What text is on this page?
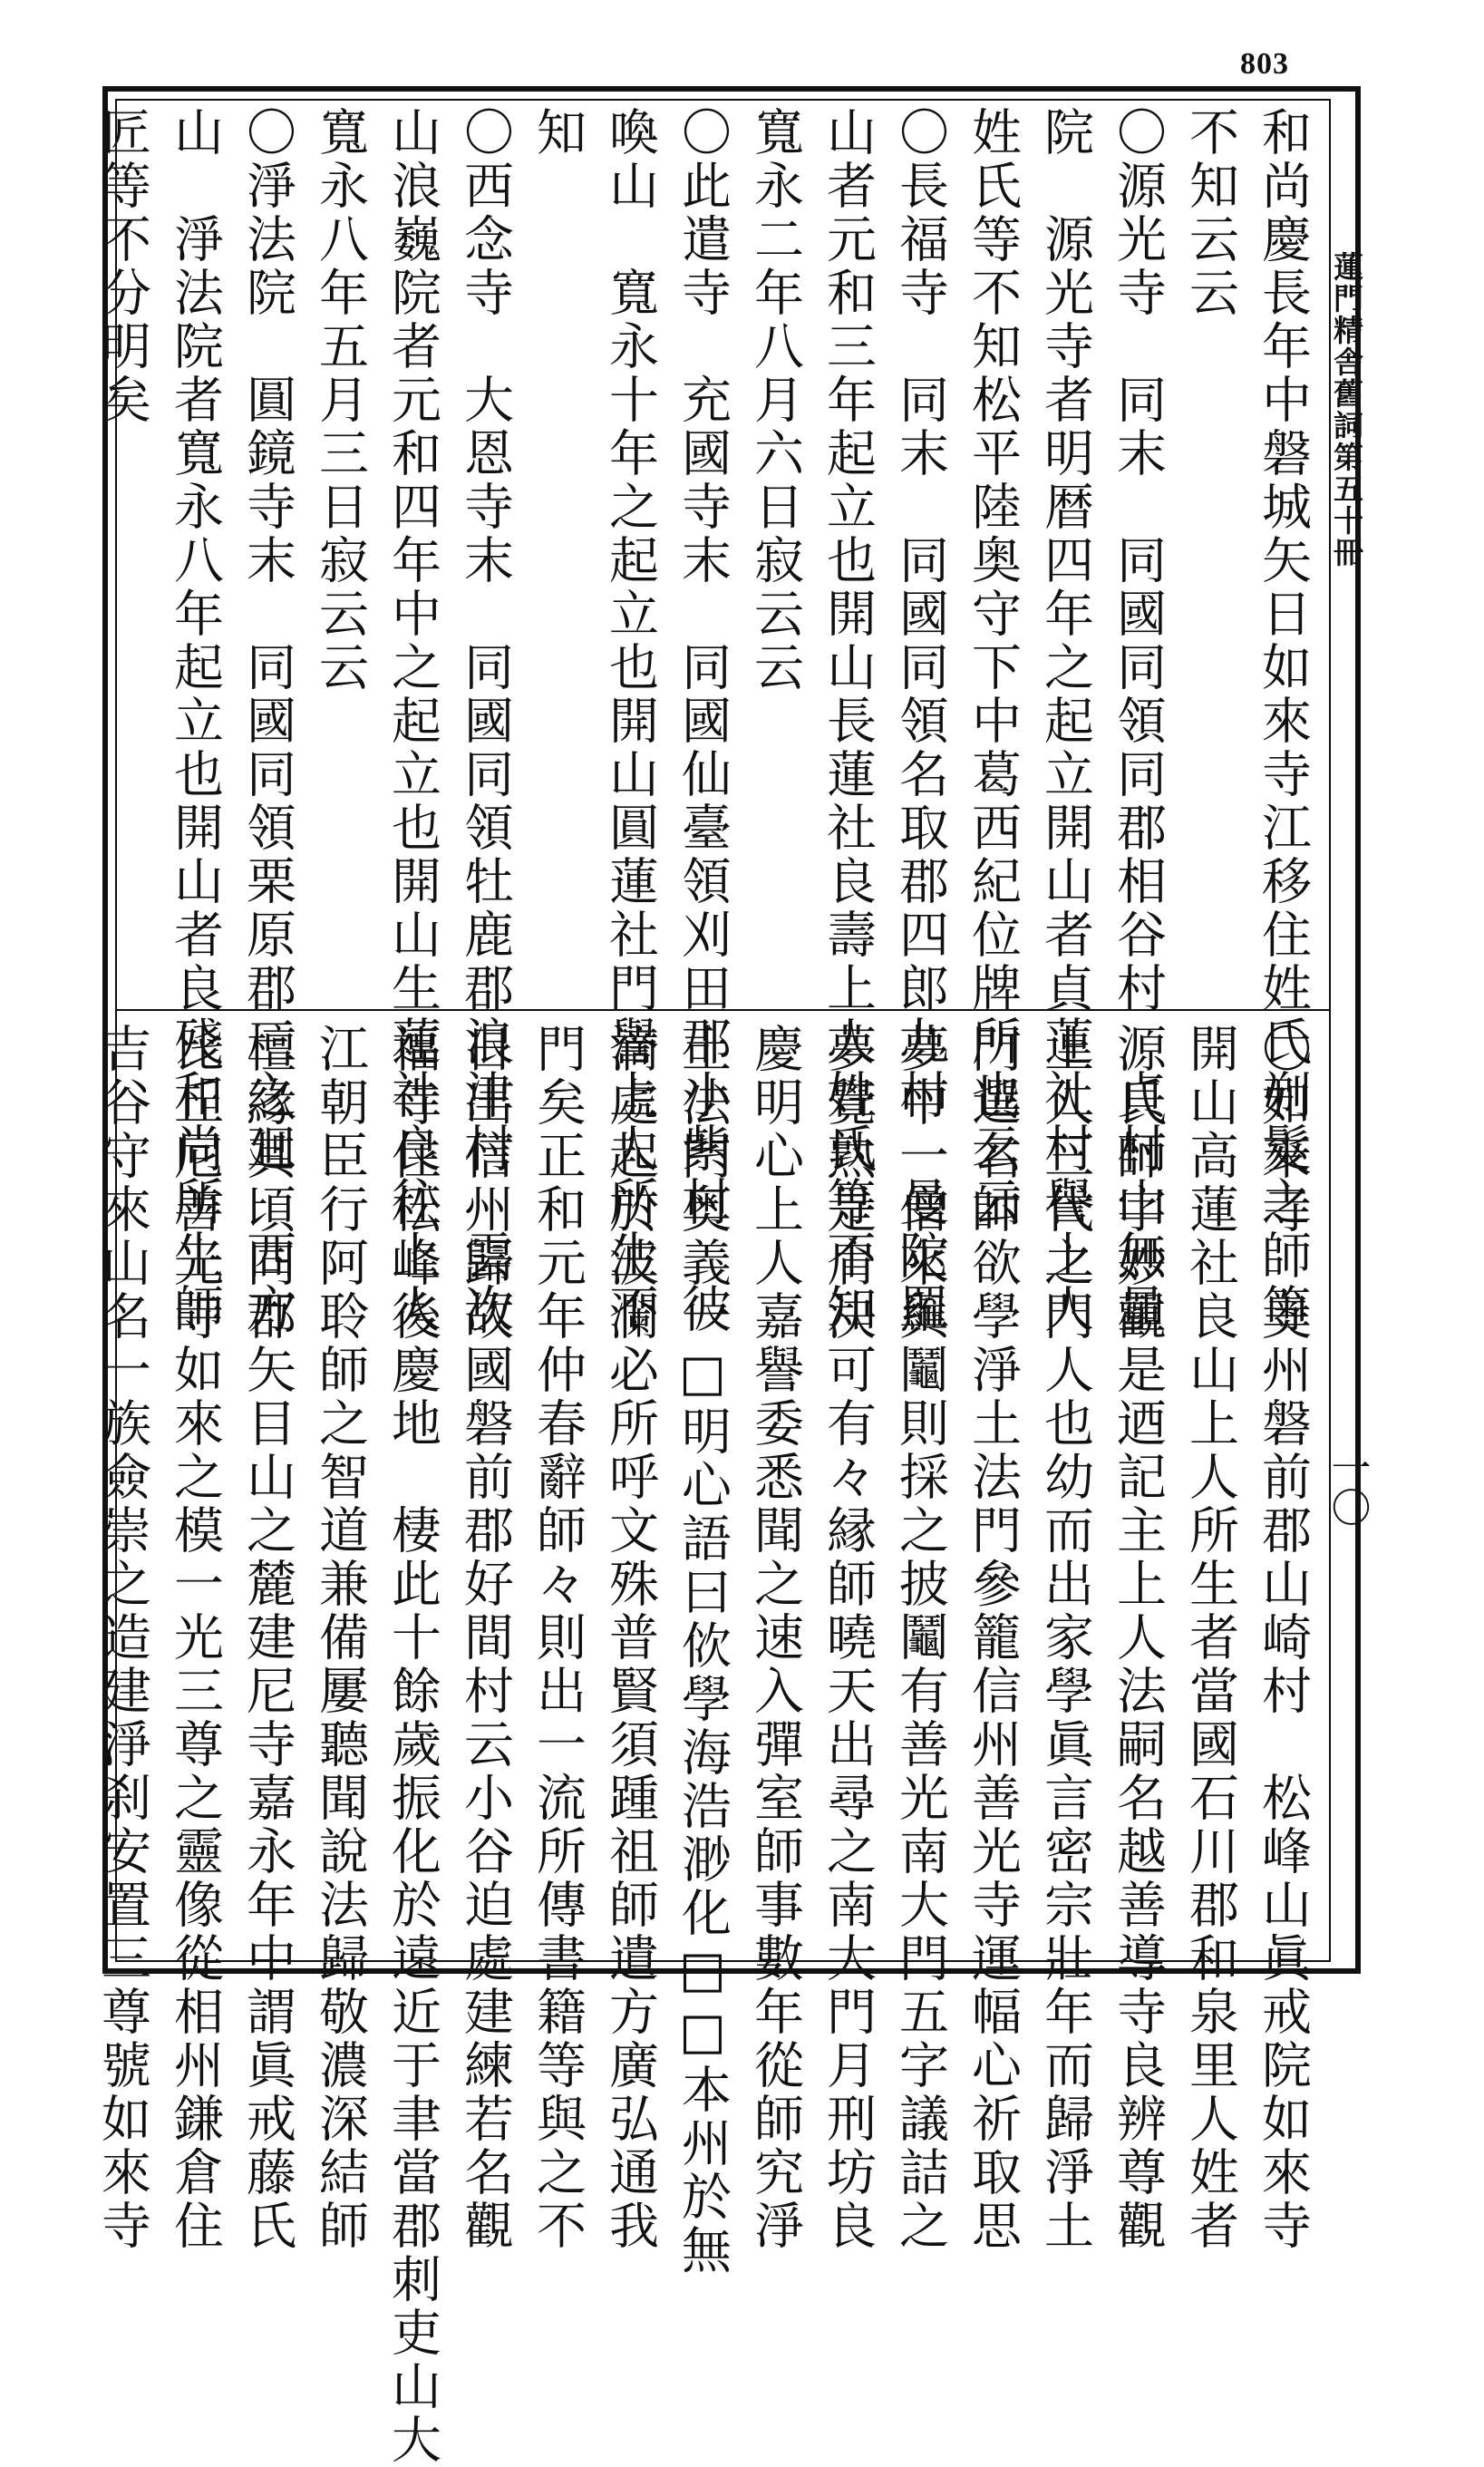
803
蓮門精舎舊詞第五十冊
一〇
和尚慶長年中磐城矢日如來寺江移住姓氏剃髮之師等
不知云云
〇源光寺　同末　同國同領同郡相谷村　貞村山無量
院　源光寺者明暦四年之起立開山者貞蓮社村譽上人
姓氏等不知松平陸奥守下中葛西紀位牌所也云云
〇長福寺　同末　同國同領名取郡四郎九村　曼陀羅
山者元和三年起立也開山長蓮社良壽上人姓氏等不知
寬永二年八月六日寂云云
〇此遣寺　充國寺末　同國仙臺領刈田郡小紫村　彼
喚山　寬永十年之起立也開山圓蓮社門譽上人所生不
知
〇西念寺　大恩寺末　同國同領牡鹿郡浪津村　雲次
山浪巍院者元和四年中之起立也開山生蓮社良往上人
寬永八年五月三日寂云云
〇淨法院　圓鏡寺末　同國同領栗原郡三之廻　西方
山　淨法院者寬永八年起立也開山者良殘和尚所生師
匠等不分明矣
〇如來寺　奥州磐前郡山崎村　松峰山眞戒院如來寺
開山高蓮社良山上人所生者當國石川郡和泉里人姓者
源氏師字妙觀是迺記主上人法嗣名越善導寺良辨尊觀
上人三代之門人也幼而出家學眞言密宗壯年而歸淨土
門選名師欲學淨土法門參籠信州善光寺運幅心祈取思
夢中一僧來與鬮則採之披鬮有善光南大門五字議詰之
夢覺熟是肩決可有々縁師曉天出尋之南大門月刑坊良
慶明心上人嘉譽委悉聞之速入彈室師事數年從師究淨
土法門奥義一□明心語曰佽學海浩渺化□□本州於無
滴處起於波瀾必所呼文殊普賢須踵祖師遺方廣弘通我
門矣正和元年仲春辭師々則出一流所傳書籍等與之不
日出信州歸故國磐前郡好間村云小谷迫處建練若名觀
福寺住松峰後慶地　棲此十餘歲振化於遠近于聿當郡刺吏山大
江朝臣行阿聆師之智道兼備屢聽聞說法歸敬濃深結師
檀緣其頃同郡矢目山之麓建尼寺嘉永年中謂眞戒藤氏
比丘尼善光寺如來之模一光三尊之靈像從相州鎌倉住
吉谷守來山名一族僉崇之造建淨刹安置三尊號如來寺
